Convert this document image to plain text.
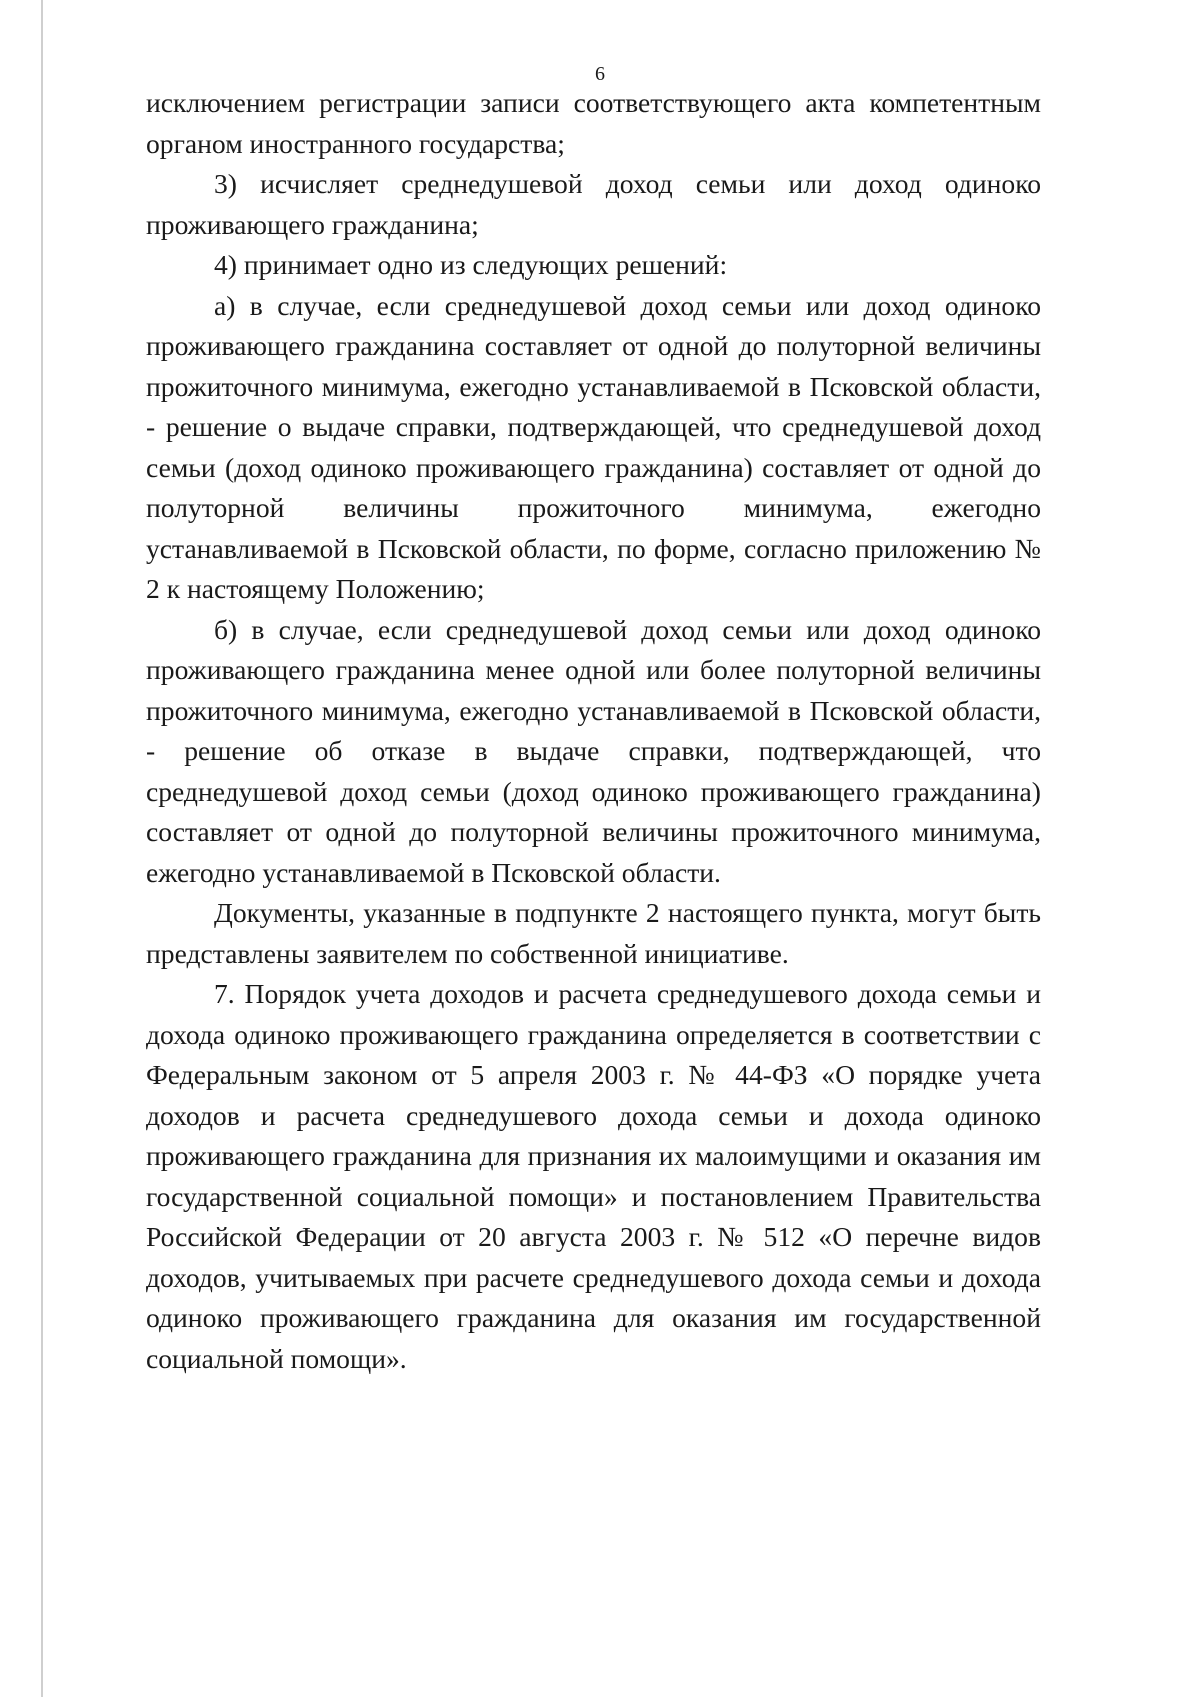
6

исключением регистрации записи соответствующего акта компетентным органом иностранного государства;

3) исчисляет среднедушевой доход семьи или доход одиноко проживающего гражданина;

4) принимает одно из следующих решений:

а) в случае, если среднедушевой доход семьи или доход одиноко проживающего гражданина составляет от одной до полуторной величины прожиточного минимума, ежегодно устанавливаемой в Псковской области, - решение о выдаче справки, подтверждающей, что среднедушевой доход семьи (доход одиноко проживающего гражданина) составляет от одной до полуторной величины прожиточного минимума, ежегодно устанавливаемой в Псковской области, по форме, согласно приложению № 2 к настоящему Положению;

б) в случае, если среднедушевой доход семьи или доход одиноко проживающего гражданина менее одной или более полуторной величины прожиточного минимума, ежегодно устанавливаемой в Псковской области, - решение об отказе в выдаче справки, подтверждающей, что среднедушевой доход семьи (доход одиноко проживающего гражданина) составляет от одной до полуторной величины прожиточного минимума, ежегодно устанавливаемой в Псковской области.

Документы, указанные в подпункте 2 настоящего пункта, могут быть представлены заявителем по собственной инициативе.

7. Порядок учета доходов и расчета среднедушевого дохода семьи и дохода одиноко проживающего гражданина определяется в соответствии с Федеральным законом от 5 апреля 2003 г. № 44-ФЗ «О порядке учета доходов и расчета среднедушевого дохода семьи и дохода одиноко проживающего гражданина для признания их малоимущими и оказания им государственной социальной помощи» и постановлением Правительства Российской Федерации от 20 августа 2003 г. № 512 «О перечне видов доходов, учитываемых при расчете среднедушевого дохода семьи и дохода одиноко проживающего гражданина для оказания им государственной социальной помощи».
